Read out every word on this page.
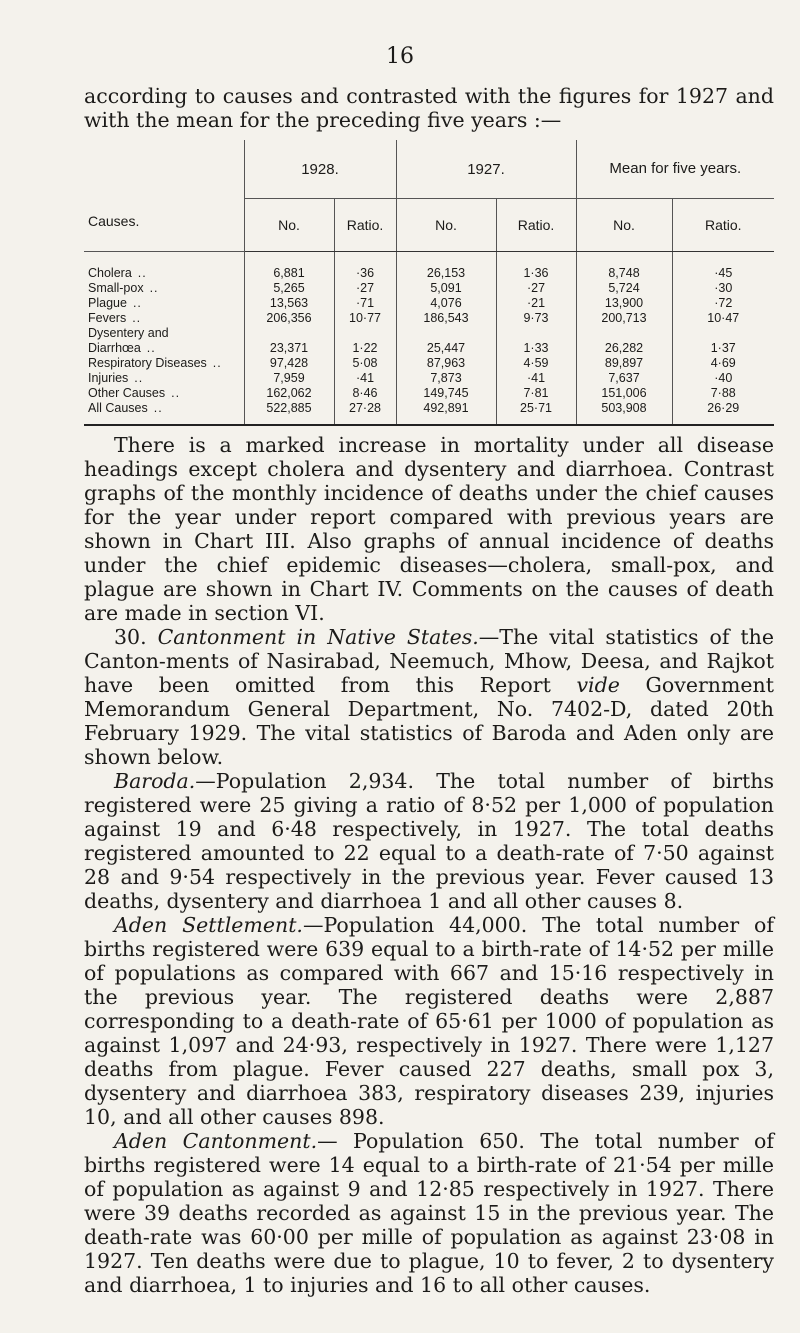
16

according to causes and contrasted with the figures for 1927 and with the mean for the preceding five years :—

Causes.	1928.		1927.		Mean for five years.	
	No.	Ratio.	No.	Ratio.	No.	Ratio.

Cholera ..	6,881	·36	26,153	1·36	8,748	·45
Small-pox ..	5,265	·27	5,091	·27	5,724	·30
Plague ..	13,563	·71	4,076	·21	13,900	·72
Fevers ..	206,356	10·77	186,543	9·73	200,713	10·47
Dysentery and						
Diarrhœa ..	23,371	1·22	25,447	1·33	26,282	1·37
Respiratory Diseases ..	97,428	5·08	87,963	4·59	89,897	4·69
Injuries ..	7,959	·41	7,873	·41	7,637	·40
Other Causes ..	162,062	8·46	149,745	7·81	151,006	7·88
All Causes ..	522,885	27·28	492,891	25·71	503,908	26·29

There is a marked increase in mortality under all disease headings except cholera and dysentery and diarrhoea. Contrast graphs of the monthly incidence of deaths under the chief causes for the year under report compared with previous years are shown in Chart III. Also graphs of annual incidence of deaths under the chief epidemic diseases—cholera, small-pox, and plague are shown in Chart IV. Comments on the causes of death are made in section VI.

30. Cantonment in Native States.—The vital statistics of the Canton-ments of Nasirabad, Neemuch, Mhow, Deesa, and Rajkot have been omitted from this Report vide Government Memorandum General Department, No. 7402-D, dated 20th February 1929. The vital statistics of Baroda and Aden only are shown below.

Baroda.—Population 2,934. The total number of births registered were 25 giving a ratio of 8·52 per 1,000 of population against 19 and 6·48 respectively, in 1927. The total deaths registered amounted to 22 equal to a death-rate of 7·50 against 28 and 9·54 respectively in the previous year. Fever caused 13 deaths, dysentery and diarrhoea 1 and all other causes 8.

Aden Settlement.—Population 44,000. The total number of births registered were 639 equal to a birth-rate of 14·52 per mille of populations as compared with 667 and 15·16 respectively in the previous year. The registered deaths were 2,887 corresponding to a death-rate of 65·61 per 1000 of population as against 1,097 and 24·93, respectively in 1927. There were 1,127 deaths from plague. Fever caused 227 deaths, small pox 3, dysentery and diarrhoea 383, respiratory diseases 239, injuries 10, and all other causes 898.

Aden Cantonment.— Population 650. The total number of births registered were 14 equal to a birth-rate of 21·54 per mille of population as against 9 and 12·85 respectively in 1927. There were 39 deaths recorded as against 15 in the previous year. The death-rate was 60·00 per mille of population as against 23·08 in 1927. Ten deaths were due to plague, 10 to fever, 2 to dysentery and diarrhoea, 1 to injuries and 16 to all other causes.
